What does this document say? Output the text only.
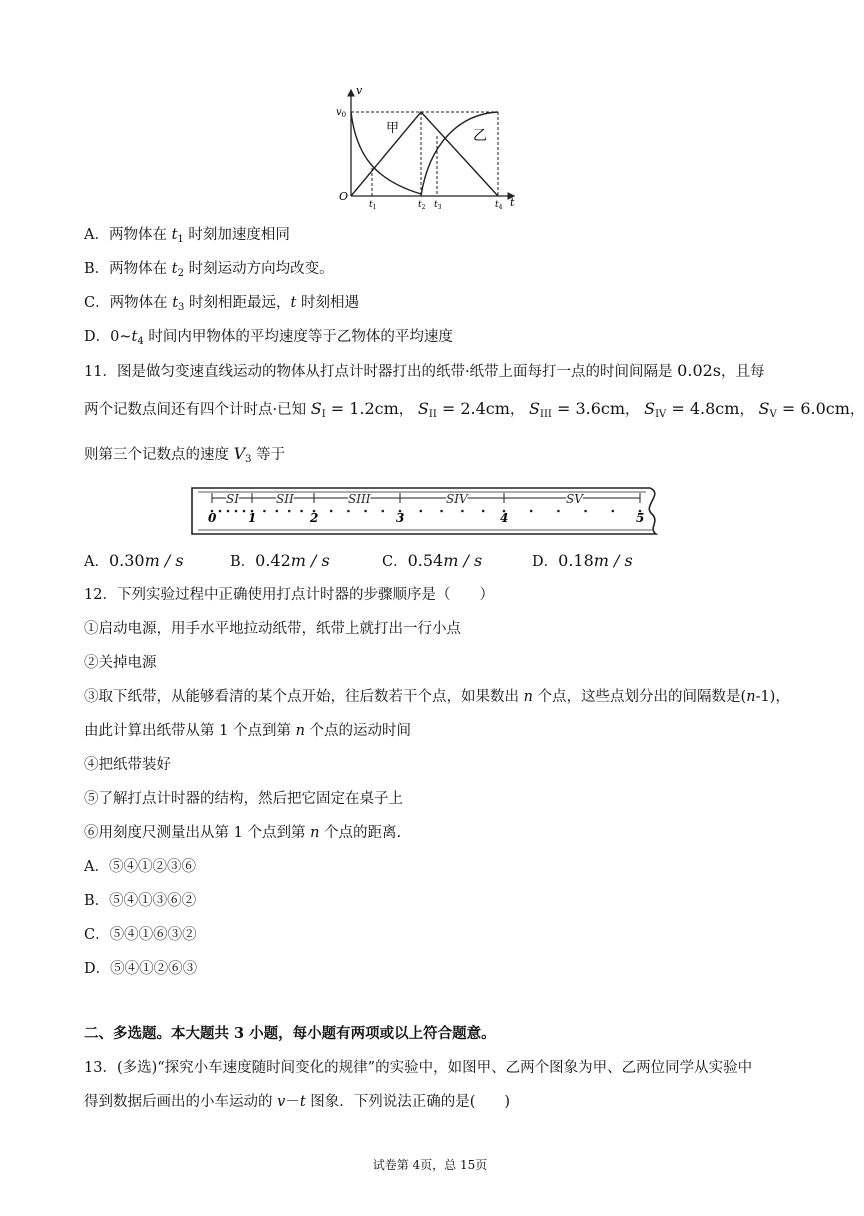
v
$v_0$
O	t
甲	乙
$t_1$	$t_2$ $t_3$	$t_4$
A．两物体在 $t_1$ 时刻加速度相同
B．两物体在 $t_2$ 时刻运动方向均改变。
C．两物体在 $t_3$ 时刻相距最远，t 时刻相遇
D．$0\sim t_4$ 时间内甲物体的平均速度等于乙物体的平均速度
11．图是做匀变速直线运动的物体从打点计时器打出的纸带·纸带上面每打一点的时间间隔是 0.02s，且每
两个记数点间还有四个计时点·已知 $S_I = 1.2cm$， $S_{II} = 2.4cm$， $S_{III} = 3.6cm$， $S_{IV} = 4.8cm$， $S_V = 6.0cm$，
则第三个记数点的速度 $V_3$ 等于
SI	SII	SIII	SIV	SV
0	1	2	3	4	5
A．0.30m / s	B．0.42m / s	C．0.54m / s	D．0.18m / s
12．下列实验过程中正确使用打点计时器的步骤顺序是（　　）
①启动电源，用手水平地拉动纸带，纸带上就打出一行小点
②关掉电源
③取下纸带，从能够看清的某个点开始，往后数若干个点，如果数出 n 个点，这些点划分出的间隔数是(n-1)，
由此计算出纸带从第 1 个点到第 n 个点的运动时间
④把纸带装好
⑤了解打点计时器的结构，然后把它固定在桌子上
⑥用刻度尺测量出从第 1 个点到第 n 个点的距离.
A．⑤④①②③⑥
B．⑤④①③⑥②
C．⑤④①⑥③②
D．⑤④①②⑥③
二、多选题。本大题共 3 小题，每小题有两项或以上符合题意。
13．(多选)“探究小车速度随时间变化的规律”的实验中，如图甲、乙两个图象为甲、乙两位同学从实验中
得到数据后画出的小车运动的 v－t 图象．下列说法正确的是(　　)
试卷第 4页，总 15页
